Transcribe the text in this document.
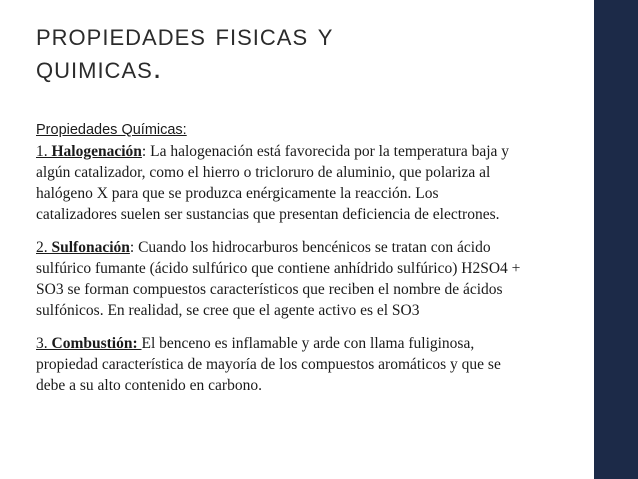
propiedades fisicas y
quimicas.

Propiedades Químicas:

1. Halogenación: La halogenación está favorecida por la temperatura baja y
algún catalizador, como el hierro o tricloruro de aluminio, que polariza al
halógeno X para que se produzca enérgicamente la reacción. Los
catalizadores suelen ser sustancias que presentan deficiencia de electrones.

2. Sulfonación: Cuando los hidrocarburos bencénicos se tratan con ácido
sulfúrico fumante (ácido sulfúrico que contiene anhídrido sulfúrico) H2SO4 +
SO3 se forman compuestos característicos que reciben el nombre de ácidos
sulfónicos. En realidad, se cree que el agente activo es el SO3

3. Combustión: El benceno es inflamable y arde con llama fuliginosa,
propiedad característica de mayoría de los compuestos aromáticos y que se
debe a su alto contenido en carbono.
